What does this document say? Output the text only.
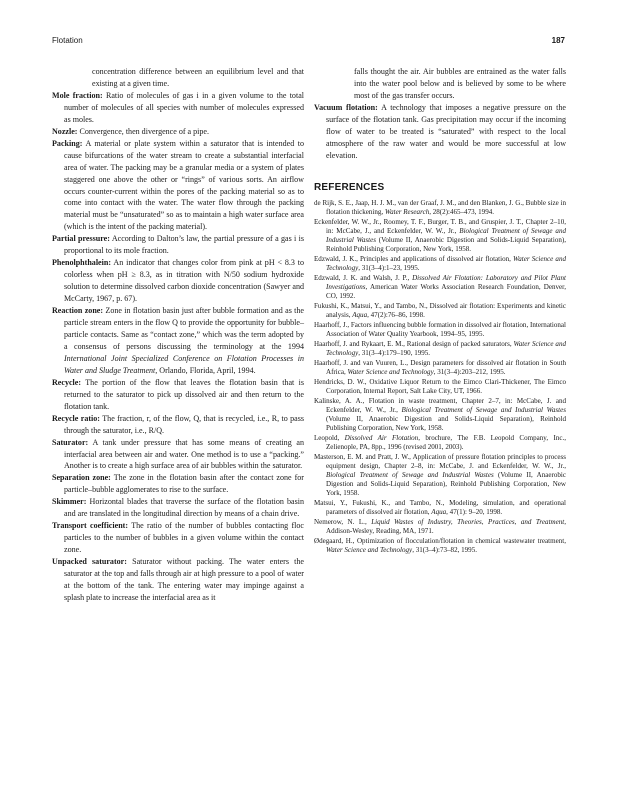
Flotation	187

concentration difference between an equilibrium level and that existing at a given time.

Mole fraction: Ratio of molecules of gas i in a given volume to the total number of molecules of all species with number of molecules expressed as moles.

Nozzle: Convergence, then divergence of a pipe.

Packing: A material or plate system within a saturator that is intended to cause bifurcations of the water stream to create a substantial interfacial area of water. The packing may be a granular media or a system of plates staggered one above the other or “rings” of various sorts. An airflow occurs counter-current within the pores of the packing material so as to come into contact with the water. The water flow through the packing material must be “unsaturated” so as to maintain a high water surface area (which is the intent of the packing material).

Partial pressure: According to Dalton’s law, the partial pressure of a gas i is proportional to its mole fraction.

Phenolphthalein: An indicator that changes color from pink at pH < 8.3 to colorless when pH ≥ 8.3, as in titration with N/50 sodium hydroxide solution to determine dissolved carbon dioxide concentration (Sawyer and McCarty, 1967, p. 67).

Reaction zone: Zone in flotation basin just after bubble formation and as the particle stream enters in the flow Q to provide the opportunity for bubble–particle contacts. Same as “contact zone,” which was the term adopted by a consensus of persons discussing the terminology at the 1994 International Joint Specialized Conference on Flotation Processes in Water and Sludge Treatment, Orlando, Florida, April, 1994.

Recycle: The portion of the flow that leaves the flotation basin that is returned to the saturator to pick up dissolved air and then return to the flotation tank.

Recycle ratio: The fraction, r, of the flow, Q, that is recycled, i.e., R, to pass through the saturator, i.e., R/Q.

Saturator: A tank under pressure that has some means of creating an interfacial area between air and water. One method is to use a “packing.” Another is to create a high surface area of air bubbles within the saturator.

Separation zone: The zone in the flotation basin after the contact zone for particle–bubble agglomerates to rise to the surface.

Skimmer: Horizontal blades that traverse the surface of the flotation basin and are translated in the longitudinal direction by means of a chain drive.

Transport coefficient: The ratio of the number of bubbles contacting floc particles to the number of bubbles in a given volume within the contact zone.

Unpacked saturator: Saturator without packing. The water enters the saturator at the top and falls through air at high pressure to a pool of water at the bottom of the tank. The entering water may impinge against a splash plate to increase the interfacial area as it

falls thought the air. Air bubbles are entrained as the water falls into the water pool below and is believed by some to be where most of the gas transfer occurs.

Vacuum flotation: A technology that imposes a negative pressure on the surface of the flotation tank. Gas precipitation may occur if the incoming flow of water to be treated is “saturated” with respect to the local atmosphere of the raw water and would be more successful at low elevation.

REFERENCES

de Rijk, S. E., Jaap, H. J. M., van der Graaf, J. M., and den Blanken, J. G., Bubble size in flotation thickening, Water Research, 28(2):465–473, 1994.

Eckenfelder, W. W., Jr., Roomey, T. F., Burger, T. B., and Gruspier, J. T., Chapter 2–10, in: McCabe, J., and Eckenfelder, W. W., Jr., Biological Treatment of Sewage and Industrial Wastes (Volume II, Anaerobic Digestion and Solids-Liquid Separation), Reinhold Publishing Corporation, New York, 1958.

Edzwald, J. K., Principles and applications of dissolved air flotation, Water Science and Technology, 31(3–4):1–23, 1995.

Edzwald, J. K. and Walsh, J. P., Dissolved Air Flotation: Laboratory and Pilot Plant Investigations, American Water Works Association Research Foundation, Denver, CO, 1992.

Fukushi, K., Matsui, Y., and Tambo, N., Dissolved air flotation: Experiments and kinetic analysis, Aqua, 47(2):76–86, 1998.

Haarhoff, J., Factors influencing bubble formation in dissolved air flotation, International Association of Water Quality Yearbook, 1994–95, 1995.

Haarhoff, J. and Rykaart, E. M., Rational design of packed saturators, Water Science and Technology, 31(3–4):179–190, 1995.

Haarhoff, J. and van Vuuren, L., Design parameters for dissolved air flotation in South Africa, Water Science and Technology, 31(3–4):203–212, 1995.

Hendricks, D. W., Oxidative Liquor Return to the Eimco Clari-Thickener, The Eimco Corporation, Internal Report, Salt Lake City, UT, 1966.

Kalinske, A. A., Flotation in waste treatment, Chapter 2–7, in: McCabe, J. and Eckenfelder, W. W., Jr., Biological Treatment of Sewage and Industrial Wastes (Volume II, Anaerobic Digestion and Solids-Liquid Separation), Reinhold Publishing Corporation, New York, 1958.

Leopold, Dissolved Air Flotation, brochure, The F.B. Leopold Company, Inc., Zelienople, PA, 8pp., 1996 (revised 2001, 2003).

Masterson, E. M. and Pratt, J. W., Application of pressure flotation principles to process equipment design, Chapter 2–8, in: McCabe, J. and Eckenfelder, W. W., Jr., Biological Treatment of Sewage and Industrial Wastes (Volume II, Anaerobic Digestion and Solids-Liquid Separation), Reinhold Publishing Corporation, New York, 1958.

Matsui, Y., Fukushi, K., and Tambo, N., Modeling, simulation, and operational parameters of dissolved air flotation, Aqua, 47(1): 9–20, 1998.

Nemerow, N. L., Liquid Wastes of Industry, Theories, Practices, and Treatment, Addison-Wesley, Reading, MA, 1971.

Ødegaard, H., Optimization of flocculation/flotation in chemical wastewater treatment, Water Science and Technology, 31(3–4):73–82, 1995.
